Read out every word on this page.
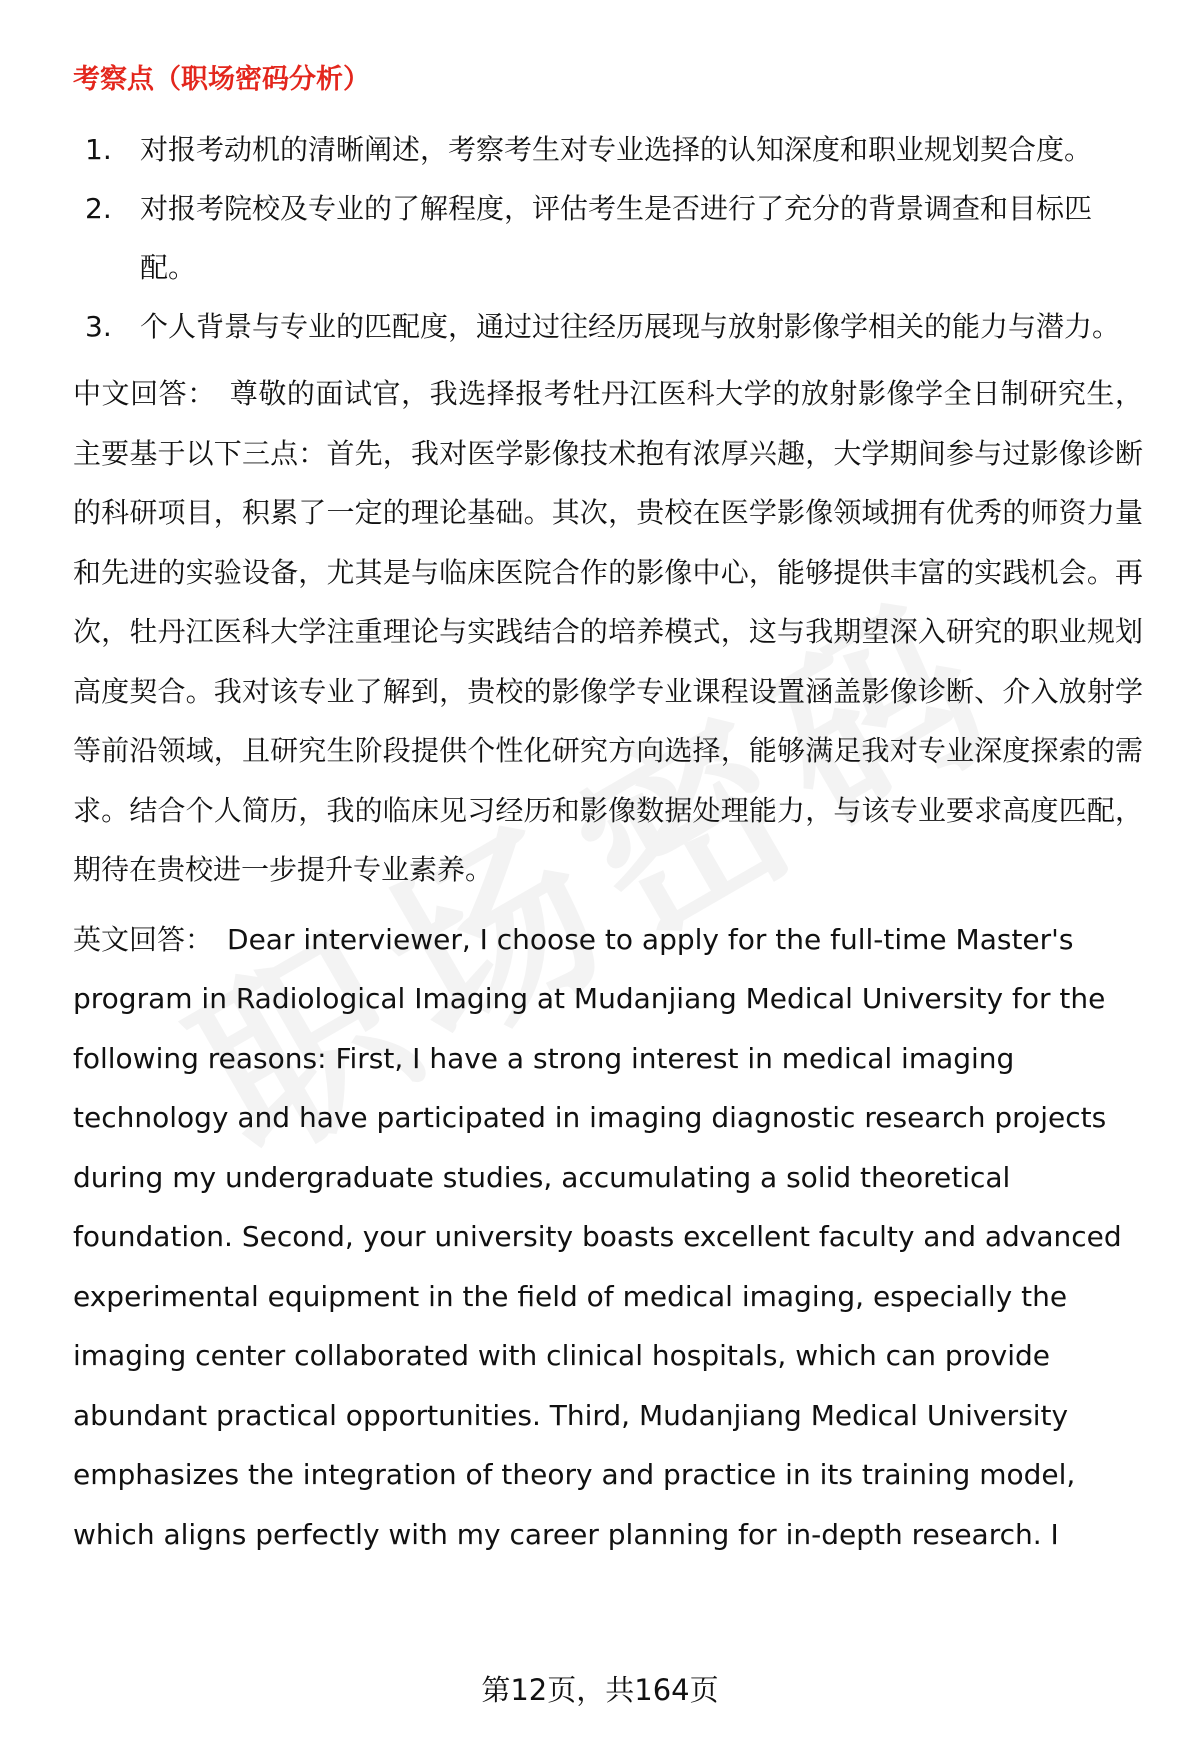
考察点（职场密码分析）
1.	对报考动机的清晰阐述，考察考生对专业选择的认知深度和职业规划契合度。
2.	对报考院校及专业的了解程度，评估考生是否进行了充分的背景调查和目标匹配。
3.	个人背景与专业的匹配度，通过过往经历展现与放射影像学相关的能力与潜力。

中文回答： 尊敬的面试官，我选择报考牡丹江医科大学的放射影像学全日制研究生，主要基于以下三点：首先，我对医学影像技术抱有浓厚兴趣，大学期间参与过影像诊断的科研项目，积累了一定的理论基础。其次，贵校在医学影像领域拥有优秀的师资力量和先进的实验设备，尤其是与临床医院合作的影像中心，能够提供丰富的实践机会。再次，牡丹江医科大学注重理论与实践结合的培养模式，这与我期望深入研究的职业规划高度契合。我对该专业了解到，贵校的影像学专业课程设置涵盖影像诊断、介入放射学等前沿领域，且研究生阶段提供个性化研究方向选择，能够满足我对专业深度探索的需求。结合个人简历，我的临床见习经历和影像数据处理能力，与该专业要求高度匹配，期待在贵校进一步提升专业素养。

英文回答： Dear interviewer, I choose to apply for the full-time Master's program in Radiological Imaging at Mudanjiang Medical University for the following reasons: First, I have a strong interest in medical imaging technology and have participated in imaging diagnostic research projects during my undergraduate studies, accumulating a solid theoretical foundation. Second, your university boasts excellent faculty and advanced experimental equipment in the field of medical imaging, especially the imaging center collaborated with clinical hospitals, which can provide abundant practical opportunities. Third, Mudanjiang Medical University emphasizes the integration of theory and practice in its training model, which aligns perfectly with my career planning for in-depth research. I

第12页，共164页
